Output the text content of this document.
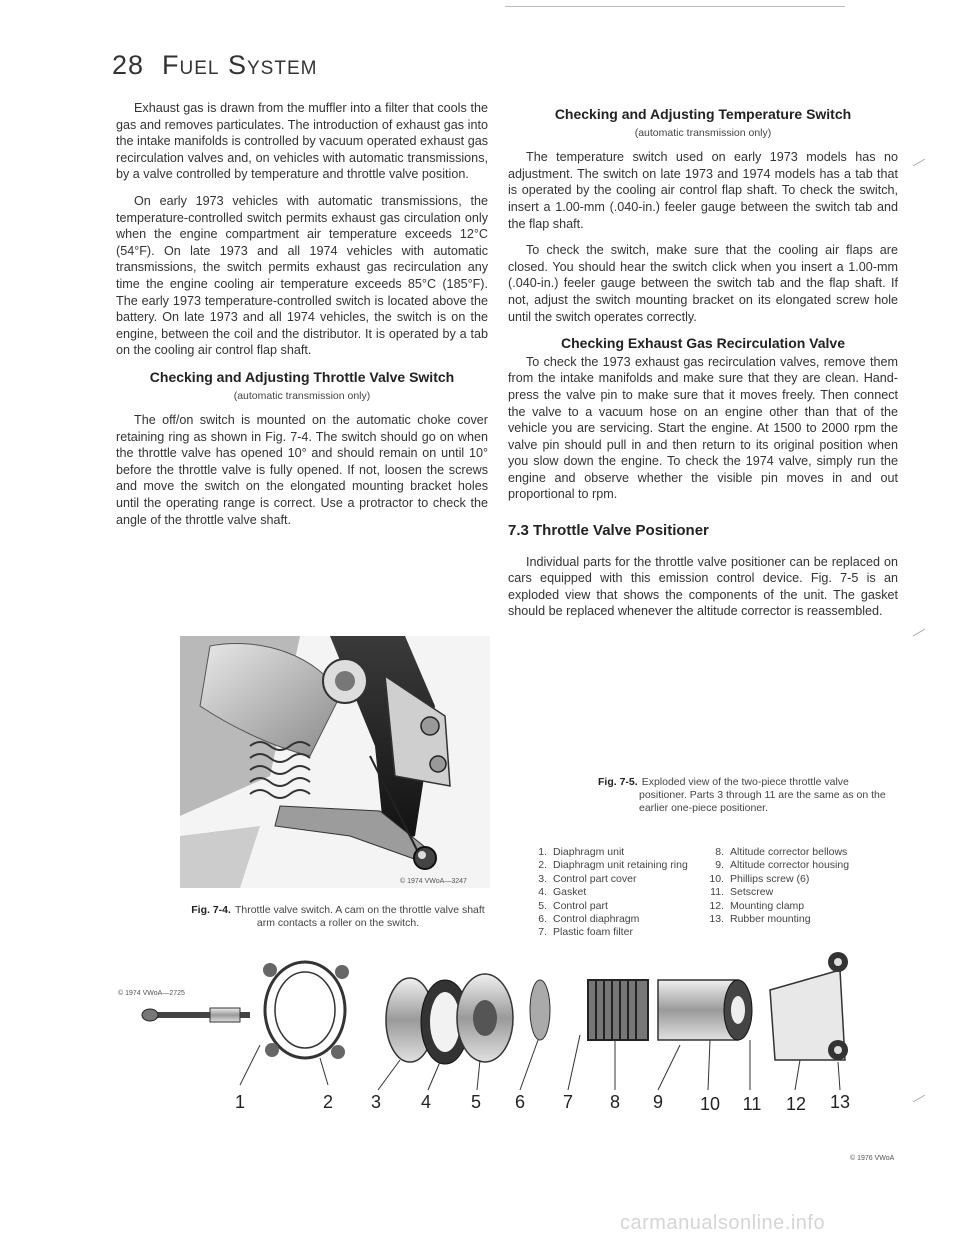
28 Fuel System

Exhaust gas is drawn from the muffler into a filter that cools the gas and removes particulates. The introduction of exhaust gas into the intake manifolds is controlled by vacuum operated exhaust gas recirculation valves and, on vehicles with automatic transmissions, by a valve controlled by temperature and throttle valve position.

On early 1973 vehicles with automatic transmissions, the temperature-controlled switch permits exhaust gas circulation only when the engine compartment air temperature exceeds 12°C (54°F). On late 1973 and all 1974 vehicles with automatic transmissions, the switch permits exhaust gas recirculation any time the engine cooling air temperature exceeds 85°C (185°F). The early 1973 temperature-controlled switch is located above the battery. On late 1973 and all 1974 vehicles, the switch is on the engine, between the coil and the distributor. It is operated by a tab on the cooling air control flap shaft.

Checking and Adjusting Throttle Valve Switch
(automatic transmission only)

The off/on switch is mounted on the automatic choke cover retaining ring as shown in Fig. 7-4. The switch should go on when the throttle valve has opened 10° and should remain on until 10° before the throttle valve is fully opened. If not, loosen the screws and move the switch on the elongated mounting bracket holes until the operating range is correct. Use a protractor to check the angle of the throttle valve shaft.

Checking and Adjusting Temperature Switch
(automatic transmission only)

The temperature switch used on early 1973 models has no adjustment. The switch on late 1973 and 1974 models has a tab that is operated by the cooling air control flap shaft. To check the switch, insert a 1.00-mm (.040-in.) feeler gauge between the switch tab and the flap shaft.

To check the switch, make sure that the cooling air flaps are closed. You should hear the switch click when you insert a 1.00-mm (.040-in.) feeler gauge between the switch tab and the flap shaft. If not, adjust the switch mounting bracket on its elongated screw hole until the switch operates correctly.

Checking Exhaust Gas Recirculation Valve

To check the 1973 exhaust gas recirculation valves, remove them from the intake manifolds and make sure that they are clean. Hand-press the valve pin to make sure that it moves freely. Then connect the valve to a vacuum hose on an engine other than that of the vehicle you are servicing. Start the engine. At 1500 to 2000 rpm the valve pin should pull in and then return to its original position when you slow down the engine. To check the 1974 valve, simply run the engine and observe whether the visible pin moves in and out proportional to rpm.

7.3 Throttle Valve Positioner

Individual parts for the throttle valve positioner can be replaced on cars equipped with this emission control device. Fig. 7-5 is an exploded view that shows the components of the unit. The gasket should be replaced whenever the altitude corrector is reassembled.

© 1974 VWoA—3247
Fig. 7-4. Throttle valve switch. A cam on the throttle valve shaft arm contacts a roller on the switch.
Fig. 7-5. Exploded view of the two-piece throttle valve
positioner. Parts 3 through 11 are the same as on the earlier one-piece positioner.
1. Diaphragm unit
2. Diaphragm unit retaining ring
3. Control part cover
4. Gasket
5. Control part
6. Control diaphragm
7. Plastic foam filter
8. Altitude corrector bellows
9. Altitude corrector housing
10. Phillips screw (6)
11. Setscrew
12. Mounting clamp
13. Rubber mounting
1	2 3 4 5 6 7 8 9 10 11 12 13
© 1974 VWoA—2725
© 1976 VWoA
carmanualsonline.info
